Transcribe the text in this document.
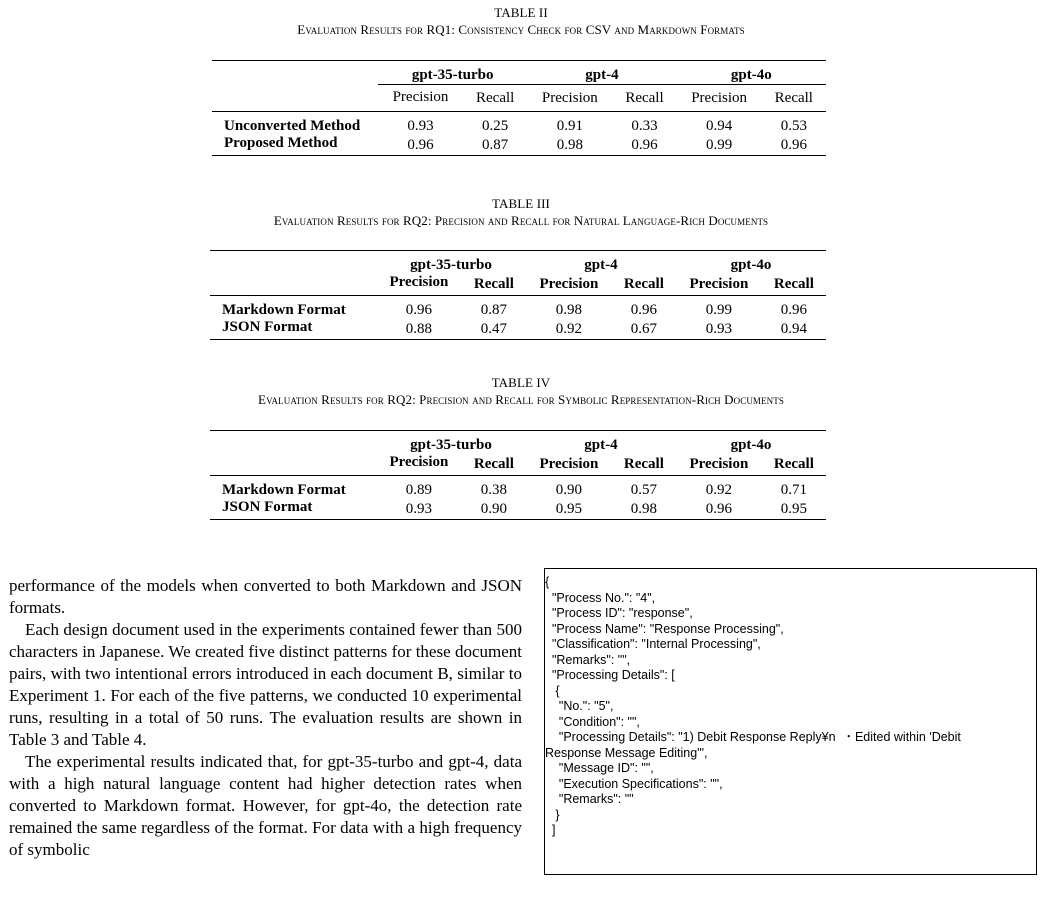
TABLE II
Evaluation Results for RQ1: Consistency Check for CSV and Markdown Formats
	gpt-35-turbo		gpt-4		gpt-4o	
	Precision	Recall	Precision	Recall	Precision	Recall

Unconverted Method	0.93	0.25	0.91	0.33	0.94	0.53
Proposed Method	0.96	0.87	0.98	0.96	0.99	0.96
TABLE III
Evaluation Results for RQ2: Precision and Recall for Natural Language-Rich Documents
	gpt-35-turbo		gpt-4		gpt-4o	
	Precision	Recall	Precision	Recall	Precision	Recall

Markdown Format	0.96	0.87	0.98	0.96	0.99	0.96
JSON Format	0.88	0.47	0.92	0.67	0.93	0.94
TABLE IV
Evaluation Results for RQ2: Precision and Recall for Symbolic Representation-Rich Documents
	gpt-35-turbo		gpt-4		gpt-4o	
	Precision	Recall	Precision	Recall	Precision	Recall

Markdown Format	0.89	0.38	0.90	0.57	0.92	0.71
JSON Format	0.93	0.90	0.95	0.98	0.96	0.95

performance of the models when converted to both Markdown and JSON formats.

Each design document used in the experiments contained fewer than 500 characters in Japanese. We created five distinct patterns for these document pairs, with two intentional errors introduced in each document B, similar to Experiment 1. For each of the five patterns, we conducted 10 experimental runs, resulting in a total of 50 runs. The evaluation results are shown in Table 3 and Table 4.

The experimental results indicated that, for gpt-35-turbo and gpt-4, data with a high natural language content had higher detection rates when converted to Markdown format. However, for gpt-4o, the detection rate remained the same regardless of the format. For data with a high frequency of symbolic

{
"Process No.": "4",
"Process ID": "response",
"Process Name": "Response Processing",
"Classification": "Internal Processing",
"Remarks": "",
"Processing Details": [
{
"No.": "5",
"Condition": "",
"Processing Details": "1) Debit Response Reply¥n  ・Edited within 'Debit
Response Message Editing'",
"Message ID": "",
"Execution Specifications": "",
"Remarks": ""
}
]
